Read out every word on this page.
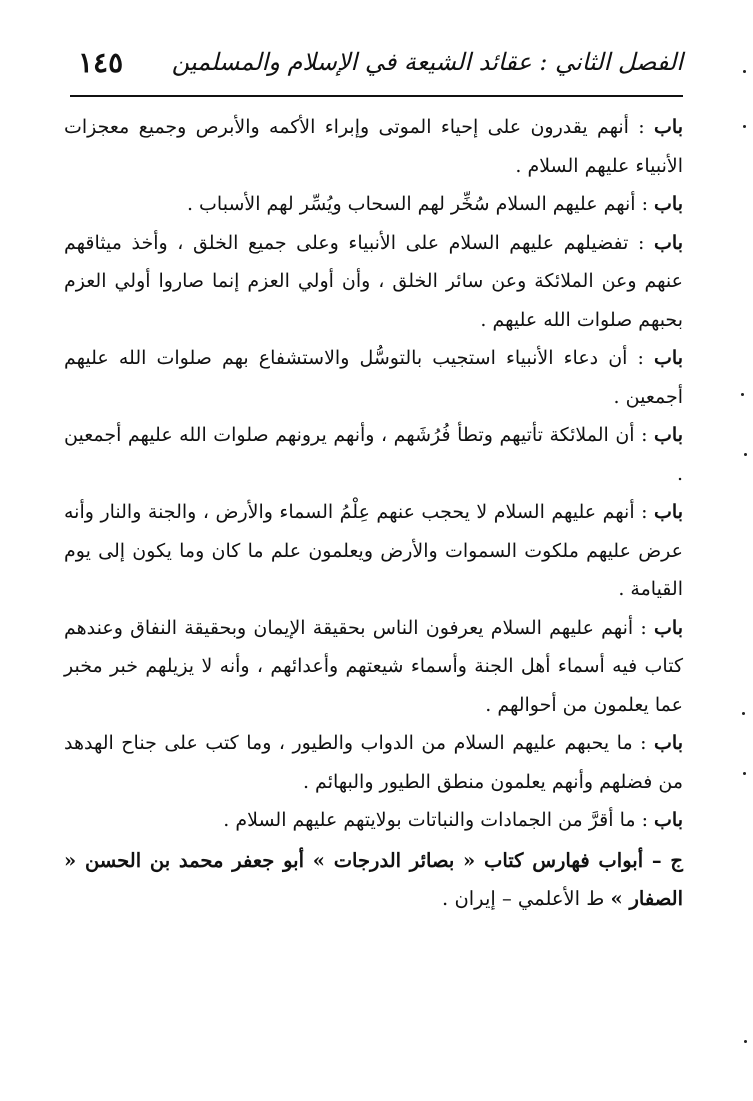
الفصل الثاني : عقائد الشيعة في الإسلام والمسلمين
١٤٥

باب : أنهم يقدرون على إحياء الموتى وإبراء الأكمه والأبرص وجميع معجزات الأنبياء عليهم السلام .

باب : أنهم عليهم السلام سُخِّر لهم السحاب ويُسِّر لهم الأسباب .

باب : تفضيلهم عليهم السلام على الأنبياء وعلى جميع الخلق ، وأخذ ميثاقهم عنهم وعن الملائكة وعن سائر الخلق ، وأن أولي العزم إنما صاروا أولي العزم بحبهم صلوات الله عليهم .

باب : أن دعاء الأنبياء استجيب بالتوسُّل والاستشفاع بهم صلوات الله عليهم أجمعين .

باب : أن الملائكة تأتيهم وتطأ فُرُشَهم ، وأنهم يرونهم صلوات الله عليهم أجمعين .

باب : أنهم عليهم السلام لا يحجب عنهم عِلْمُ السماء والأرض ، والجنة والنار وأنه عرض عليهم ملكوت السموات والأرض ويعلمون علم ما كان وما يكون إلى يوم القيامة .

باب : أنهم عليهم السلام يعرفون الناس بحقيقة الإيمان وبحقيقة النفاق وعندهم كتاب فيه أسماء أهل الجنة وأسماء شيعتهم وأعدائهم ، وأنه لا يزيلهم خبر مخبر عما يعلمون من أحوالهم .

باب : ما يحبهم عليهم السلام من الدواب والطيور ، وما كتب على جناح الهدهد من فضلهم وأنهم يعلمون منطق الطيور والبهائم .

باب : ما أقرَّ من الجمادات والنباتات بولايتهم عليهم السلام .

ج – أبواب فهارس كتاب « بصائر الدرجات » أبو جعفر محمد بن الحسن « الصفار » ط الأعلمي – إيران .
